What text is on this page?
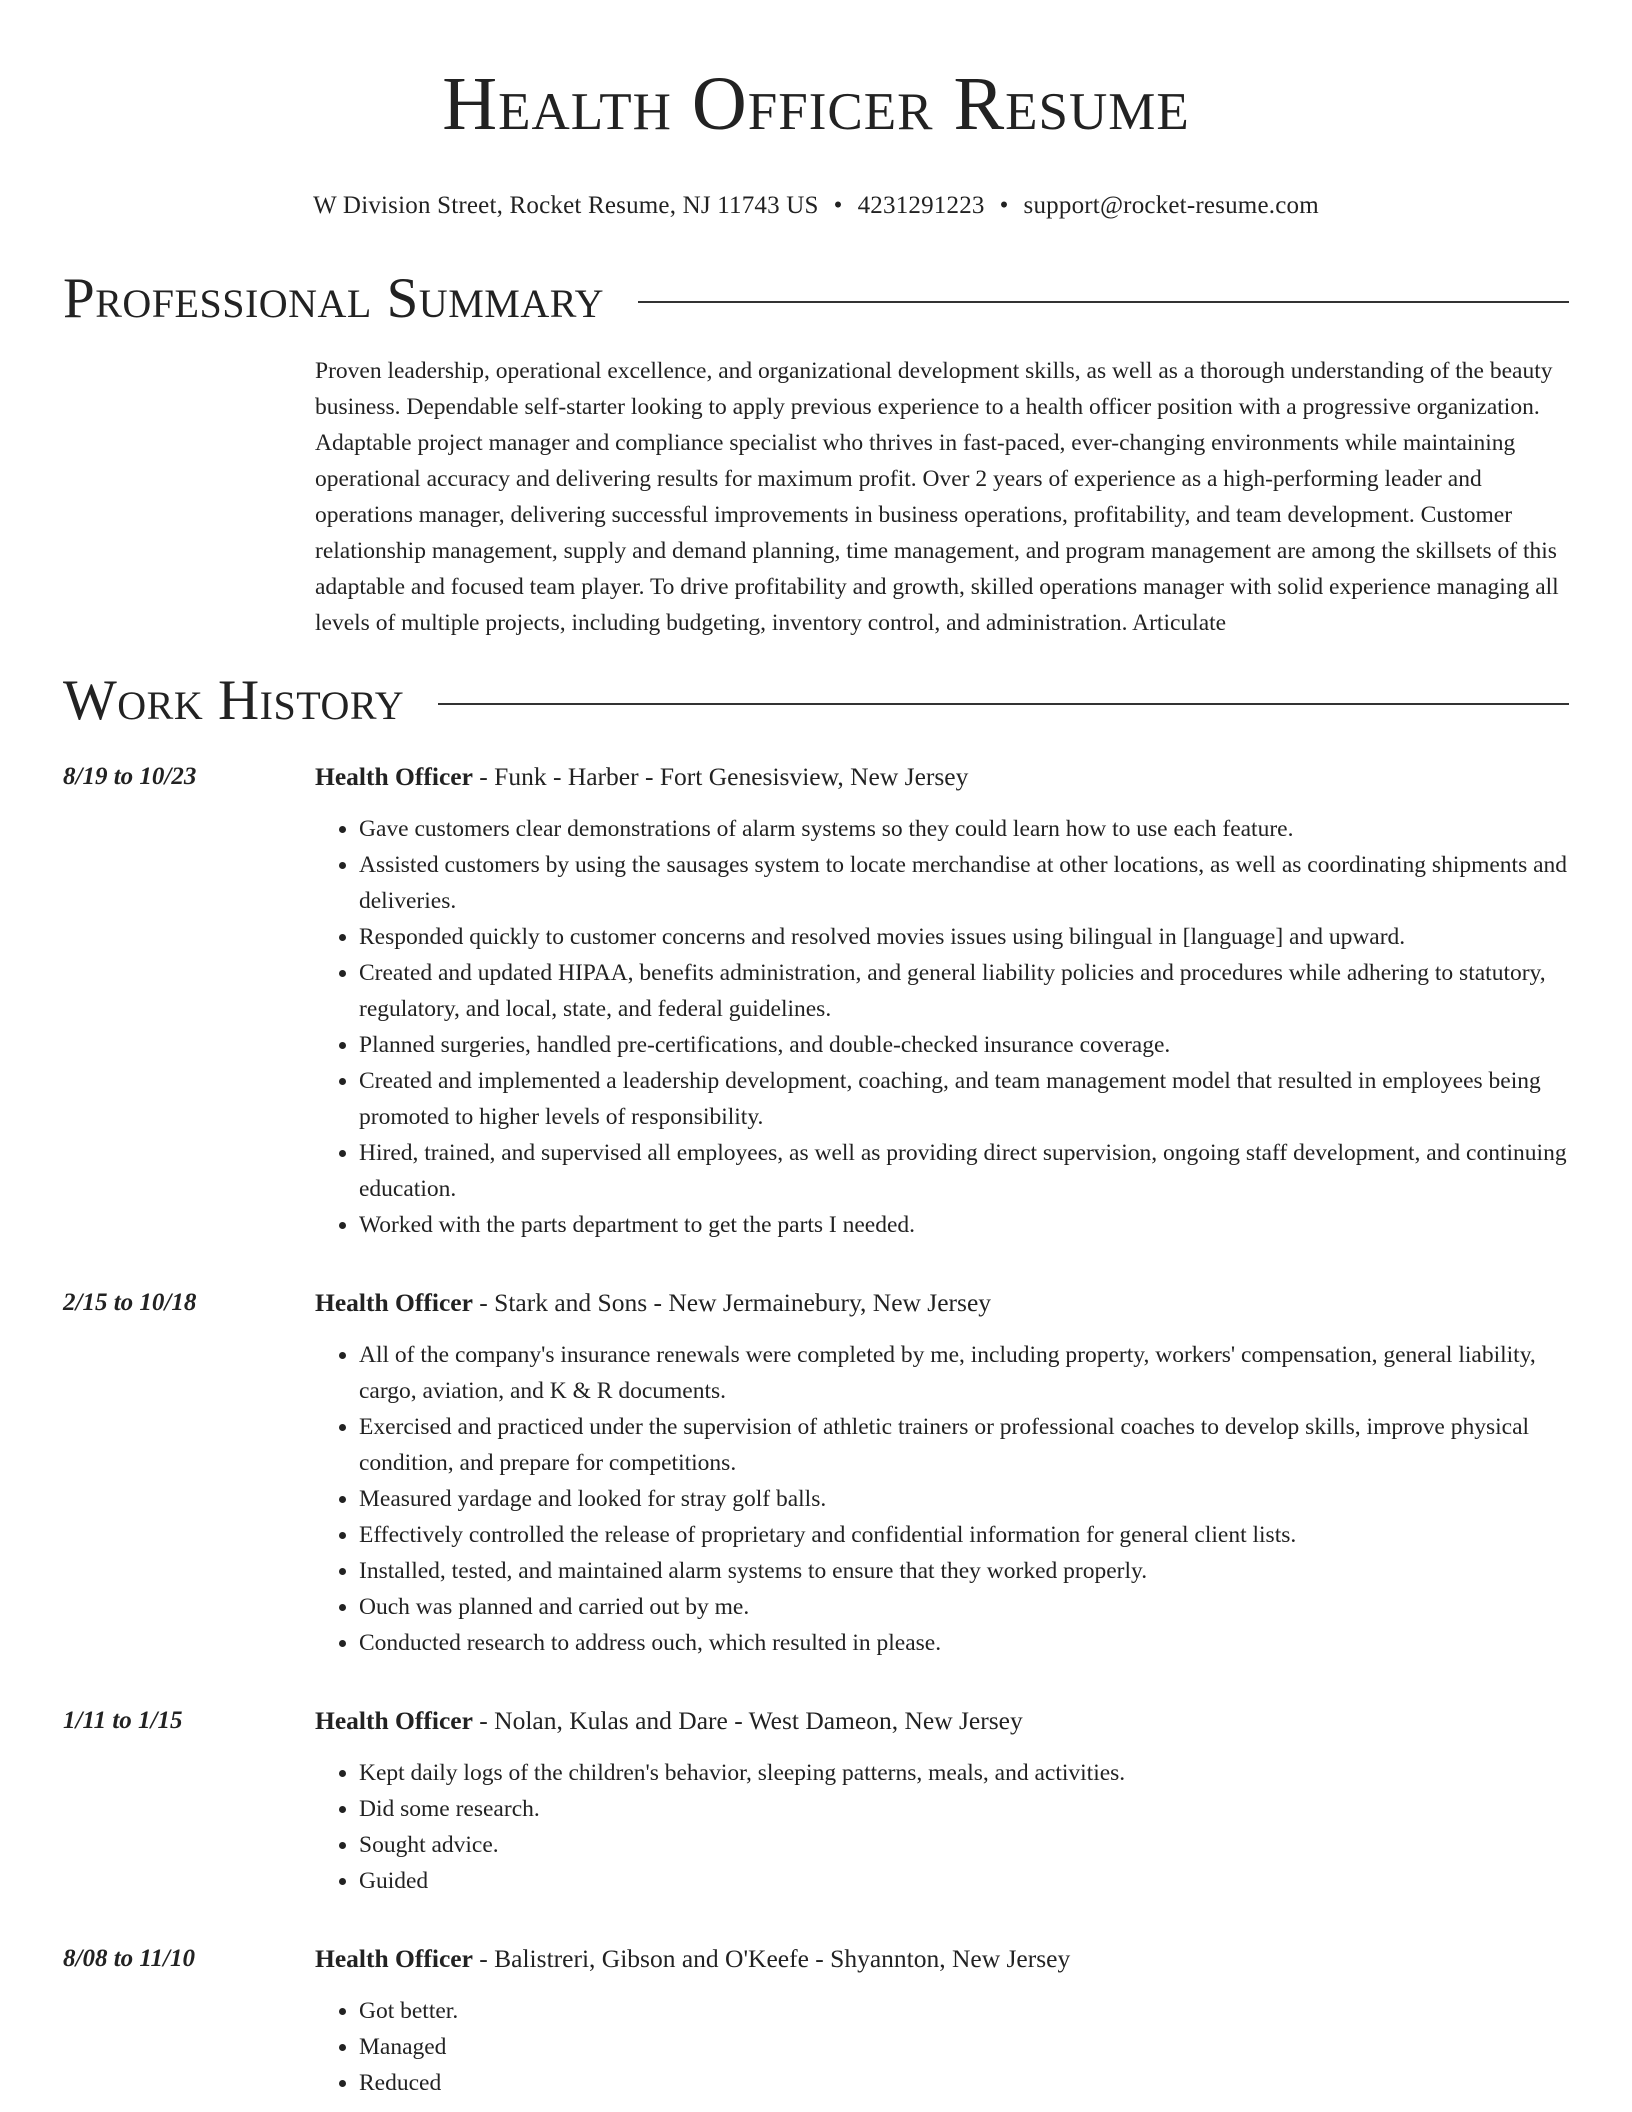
Health Officer Resume
W Division Street, Rocket Resume, NJ 11743 US • 4231291223 • support@rocket-resume.com
Professional Summary
Proven leadership, operational excellence, and organizational development skills, as well as a thorough understanding of the beauty business. Dependable self-starter looking to apply previous experience to a health officer position with a progressive organization. Adaptable project manager and compliance specialist who thrives in fast-paced, ever-changing environments while maintaining operational accuracy and delivering results for maximum profit. Over 2 years of experience as a high-performing leader and operations manager, delivering successful improvements in business operations, profitability, and team development. Customer relationship management, supply and demand planning, time management, and program management are among the skillsets of this adaptable and focused team player. To drive profitability and growth, skilled operations manager with solid experience managing all levels of multiple projects, including budgeting, inventory control, and administration. Articulate
Work History
8/19 to 10/23	Health Officer - Funk - Harber - Fort Genesisview, New Jersey

• Gave customers clear demonstrations of alarm systems so they could learn how to use each feature.
• Assisted customers by using the sausages system to locate merchandise at other locations, as well as coordinating shipments and deliveries.
• Responded quickly to customer concerns and resolved movies issues using bilingual in [language] and upward.
• Created and updated HIPAA, benefits administration, and general liability policies and procedures while adhering to statutory, regulatory, and local, state, and federal guidelines.
• Planned surgeries, handled pre-certifications, and double-checked insurance coverage.
• Created and implemented a leadership development, coaching, and team management model that resulted in employees being promoted to higher levels of responsibility.
• Hired, trained, and supervised all employees, as well as providing direct supervision, ongoing staff development, and continuing education.
• Worked with the parts department to get the parts I needed.
2/15 to 10/18	Health Officer - Stark and Sons - New Jermainebury, New Jersey

• All of the company's insurance renewals were completed by me, including property, workers' compensation, general liability, cargo, aviation, and K & R documents.
• Exercised and practiced under the supervision of athletic trainers or professional coaches to develop skills, improve physical condition, and prepare for competitions.
• Measured yardage and looked for stray golf balls.
• Effectively controlled the release of proprietary and confidential information for general client lists.
• Installed, tested, and maintained alarm systems to ensure that they worked properly.
• Ouch was planned and carried out by me.
• Conducted research to address ouch, which resulted in please.
1/11 to 1/15	Health Officer - Nolan, Kulas and Dare - West Dameon, New Jersey

• Kept daily logs of the children's behavior, sleeping patterns, meals, and activities.
• Did some research.
• Sought advice.
• Guided
8/08 to 11/10	Health Officer - Balistreri, Gibson and O'Keefe - Shyannton, New Jersey

• Got better.
• Managed
• Reduced
